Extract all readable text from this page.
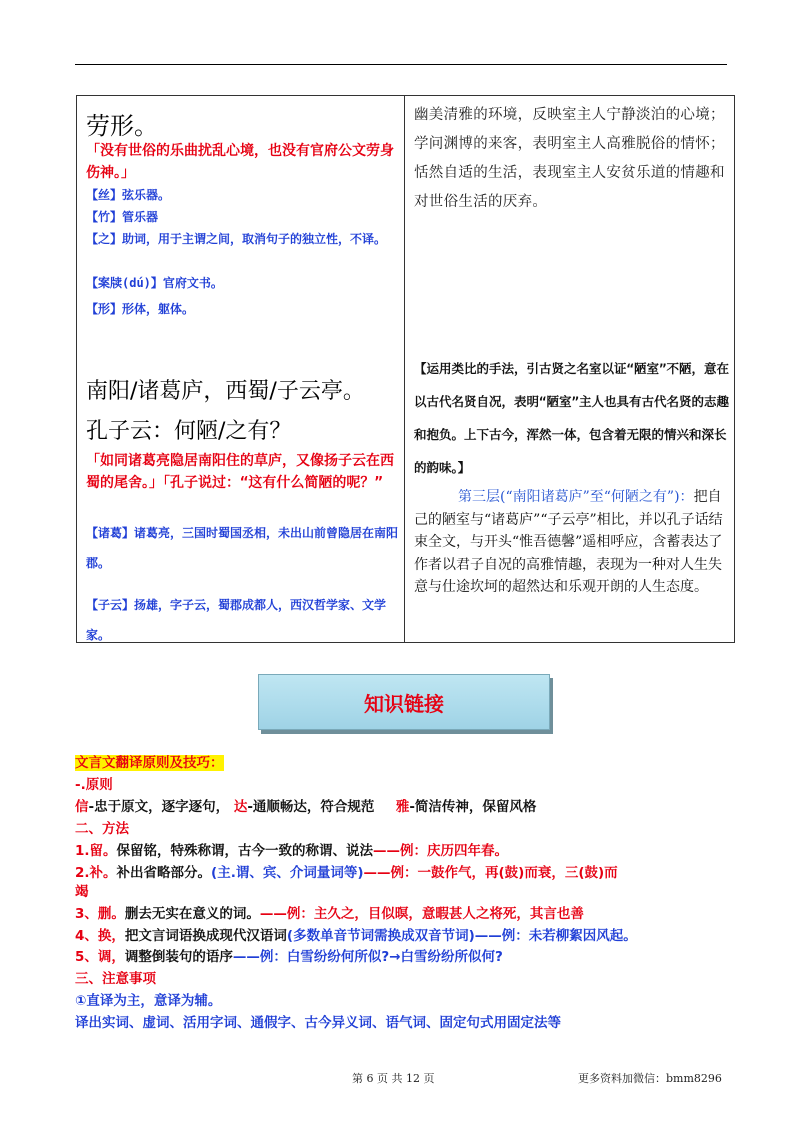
劳形。
「没有世俗的乐曲扰乱心境，也没有官府公文劳身伤神。」
【丝】弦乐器。
【竹】管乐器
【之】助词，用于主谓之间，取消句子的独立性，不译。
【案牍(dú)】官府文书。
【形】形体，躯体。
幽美清雅的环境，反映室主人宁静淡泊的心境；学问渊博的来客，表明室主人高雅脱俗的情怀；恬然自适的生活，表现室主人安贫乐道的情趣和对世俗生活的厌弃。
南阳/诸葛庐，西蜀/子云亭。
孔子云：何陋/之有？
「如同诸葛亮隐居南阳住的草庐，又像扬子云在西蜀的尾舍。」「孔子说过：“这有什么简陋的呢？”
【诸葛】诸葛亮，三国时蜀国丞相，未出山前曾隐居在南阳郡。
【子云】扬雄，字子云，蜀郡成都人，西汉哲学家、文学家。
【运用类比的手法，引古贤之名室以证“陋室”不陋，意在以古代名贤自况，表明“陋室”主人也具有古代名贤的志趣和抱负。上下古今，浑然一体，包含着无限的情兴和深长的韵味。】
第三层(“南阳诸葛庐”至“何陋之有”)：把自己的陋室与“诸葛庐”“子云亭”相比，并以孔子话结束全文，与开头“惟吾德馨”遥相呼应，含蓄表达了作者以君子自况的高雅情趣，表现为一种对人生失意与仕途坎坷的超然达和乐观开朗的人生态度。
知识链接
文言文翻译原则及技巧：
-.原则
信-忠于原文，逐字逐句， 达-通顺畅达，符合规范 雅-简洁传神，保留风格
二、方法
1.留。保留铭，特殊称谓，古今一致的称谓、说法——例：庆历四年春。
2.补。补出省略部分。(主.谓、宾、介词量词等)——例：一鼓作气，再(鼓)而衰，三(鼓)而
竭
3、删。删去无实在意义的词。——例：主久之，目似暝，意暇甚人之将死，其言也善
4、换，把文言词语换成现代汉语词(多数单音节词需换成双音节词)——例：未若柳絮因风起。
5、调，调整倒装句的语序——例：白雪纷纷何所似?→白雪纷纷所似何?
三、注意事项
①直译为主，意译为辅。
译出实词、虚词、活用字词、通假字、古今异义词、语气词、固定句式用固定法等
第 6 页 共 12 页	更多资料加微信：bmm8296
